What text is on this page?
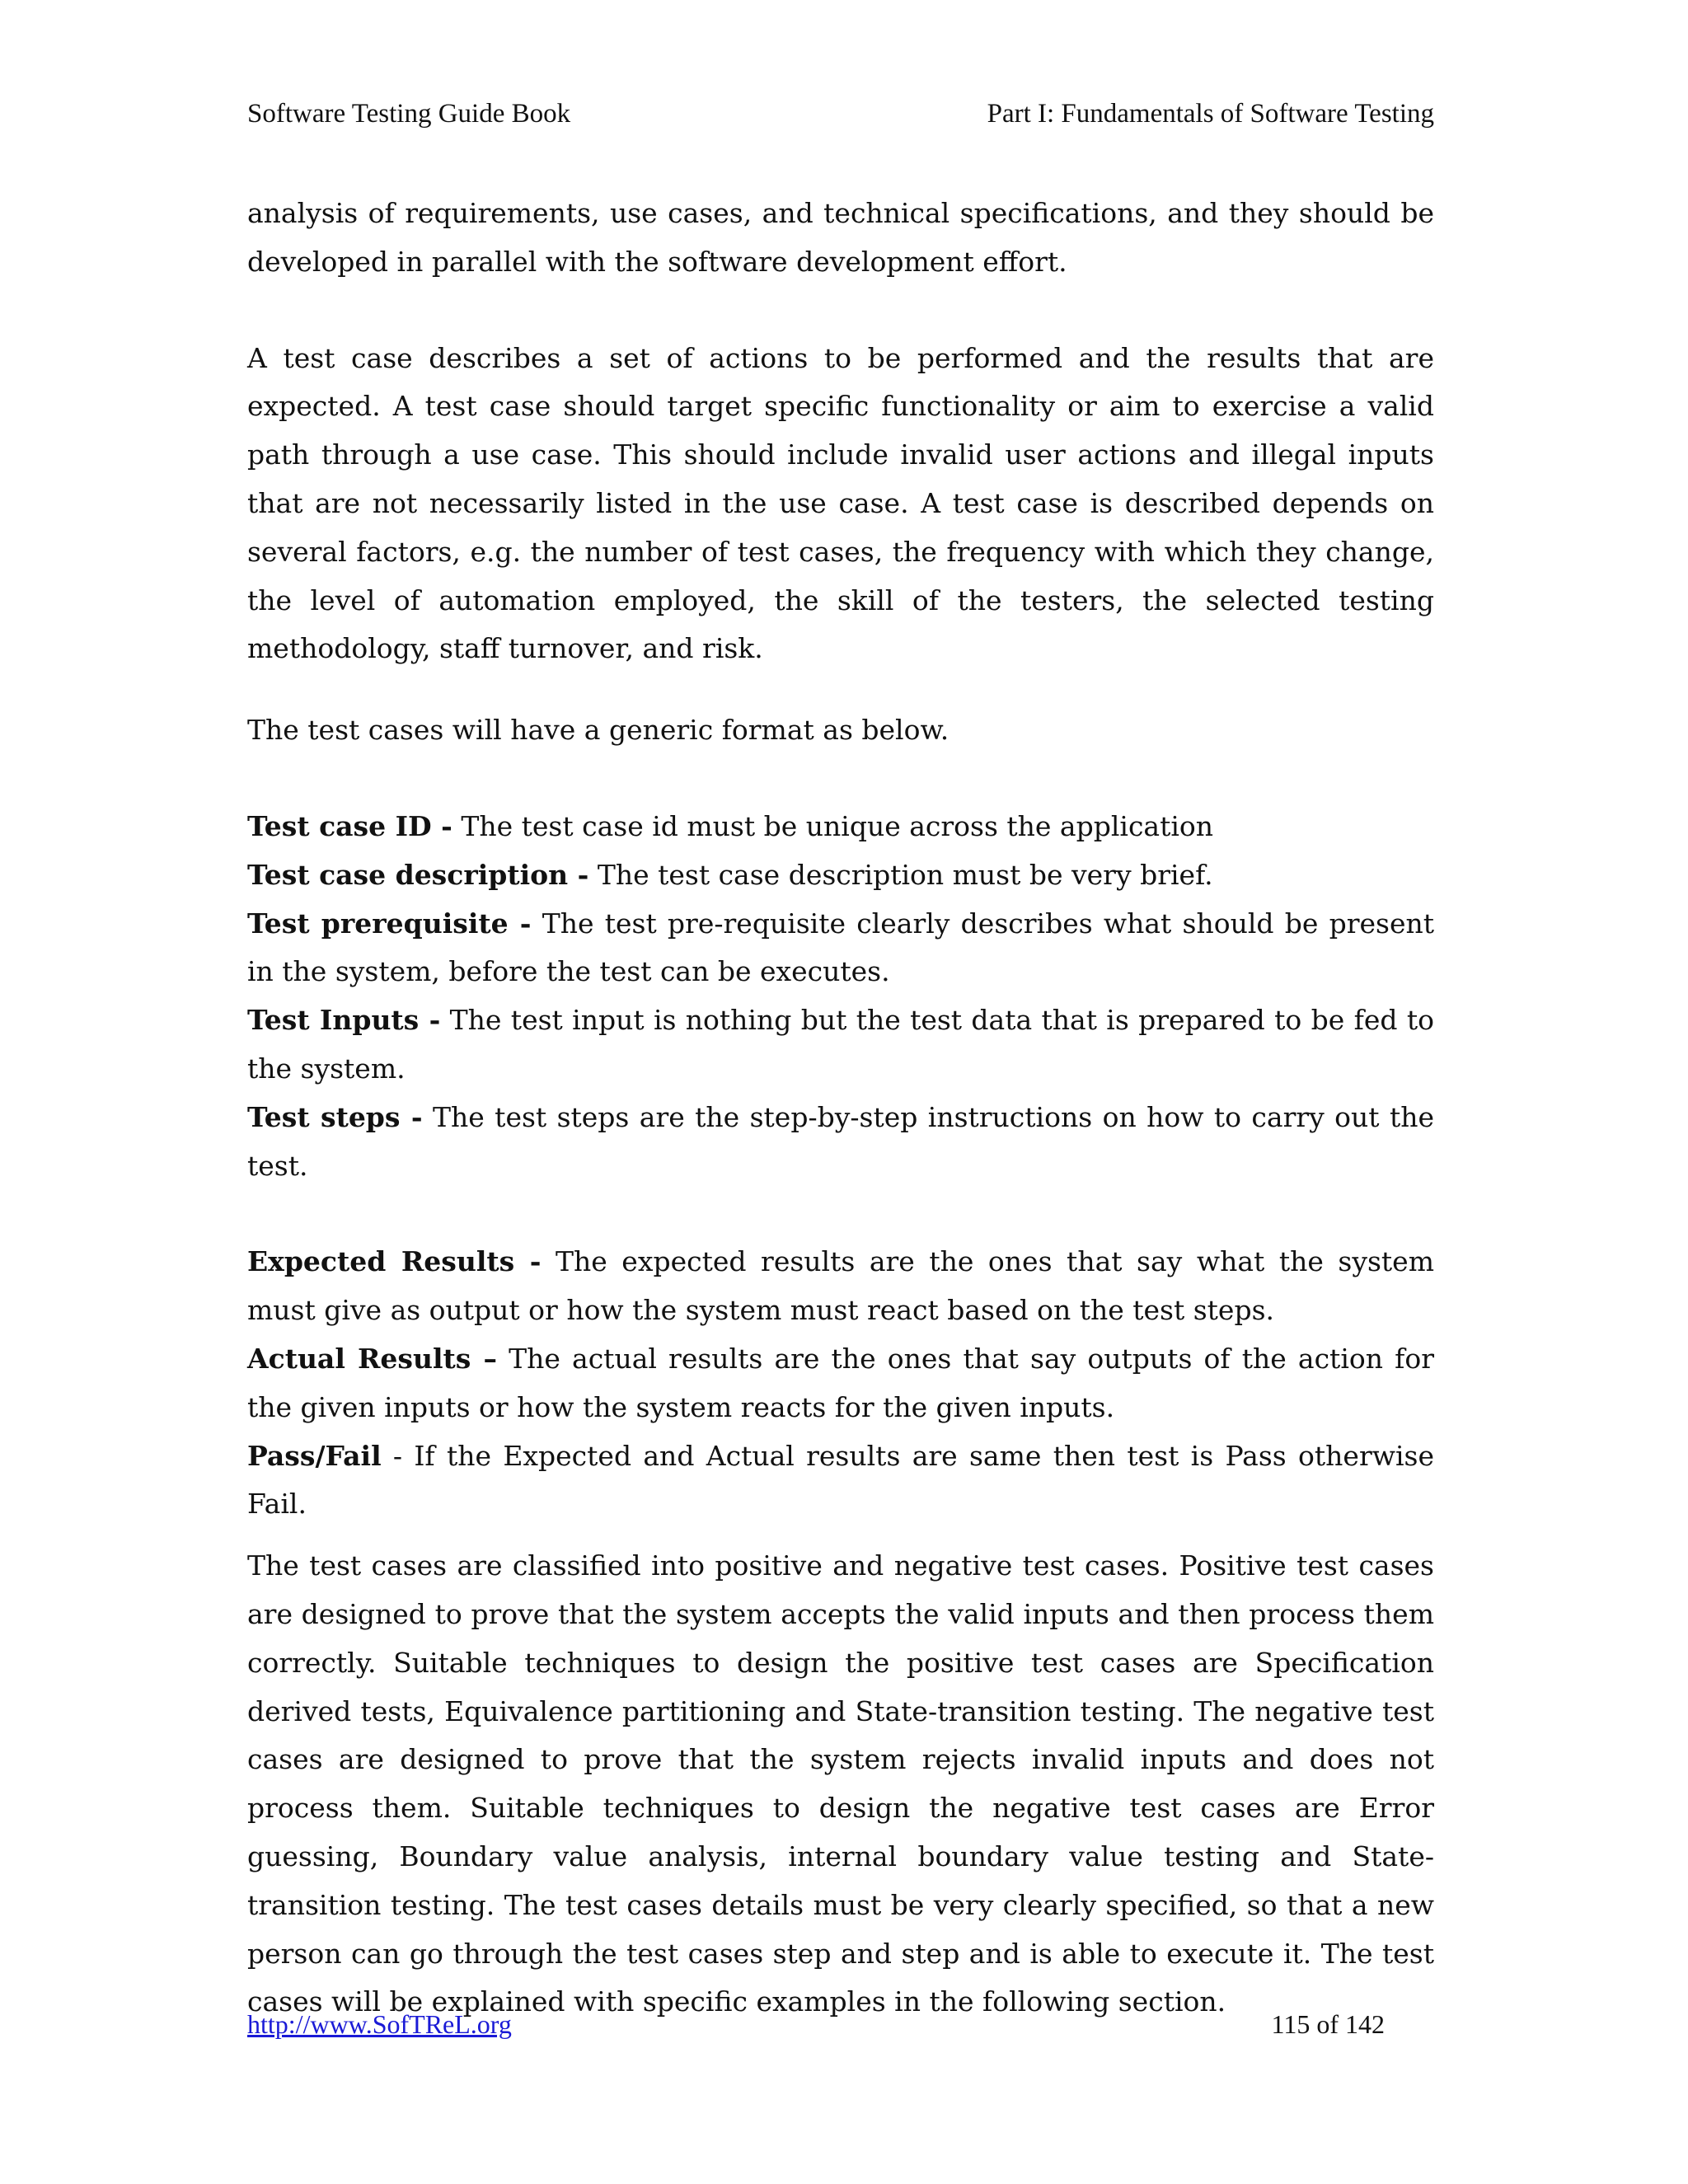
Software Testing Guide Book	Part I: Fundamentals of Software Testing

analysis of requirements, use cases, and technical specifications, and they should be developed in parallel with the software development effort.

A test case describes a set of actions to be performed and the results that are expected. A test case should target specific functionality or aim to exercise a valid path through a use case. This should include invalid user actions and illegal inputs that are not necessarily listed in the use case. A test case is described depends on several factors, e.g. the number of test cases, the frequency with which they change, the level of automation employed, the skill of the testers, the selected testing methodology, staff turnover, and risk.

The test cases will have a generic format as below.

Test case ID - The test case id must be unique across the application

Test case description - The test case description must be very brief.

Test prerequisite - The test pre-requisite clearly describes what should be present in the system, before the test can be executes.

Test Inputs - The test input is nothing but the test data that is prepared to be fed to the system.

Test steps - The test steps are the step-by-step instructions on how to carry out the test.

Expected Results - The expected results are the ones that say what the system must give as output or how the system must react based on the test steps.

Actual Results – The actual results are the ones that say outputs of the action for the given inputs or how the system reacts for the given inputs.

Pass/Fail - If the Expected and Actual results are same then test is Pass otherwise Fail.

The test cases are classified into positive and negative test cases. Positive test cases are designed to prove that the system accepts the valid inputs and then process them correctly. Suitable techniques to design the positive test cases are Specification derived tests, Equivalence partitioning and State-transition testing. The negative test cases are designed to prove that the system rejects invalid inputs and does not process them. Suitable techniques to design the negative test cases are Error guessing, Boundary value analysis, internal boundary value testing and State-transition testing. The test cases details must be very clearly specified, so that a new person can go through the test cases step and step and is able to execute it. The test cases will be explained with specific examples in the following section.

http://www.SofTReL.org	115 of 142
